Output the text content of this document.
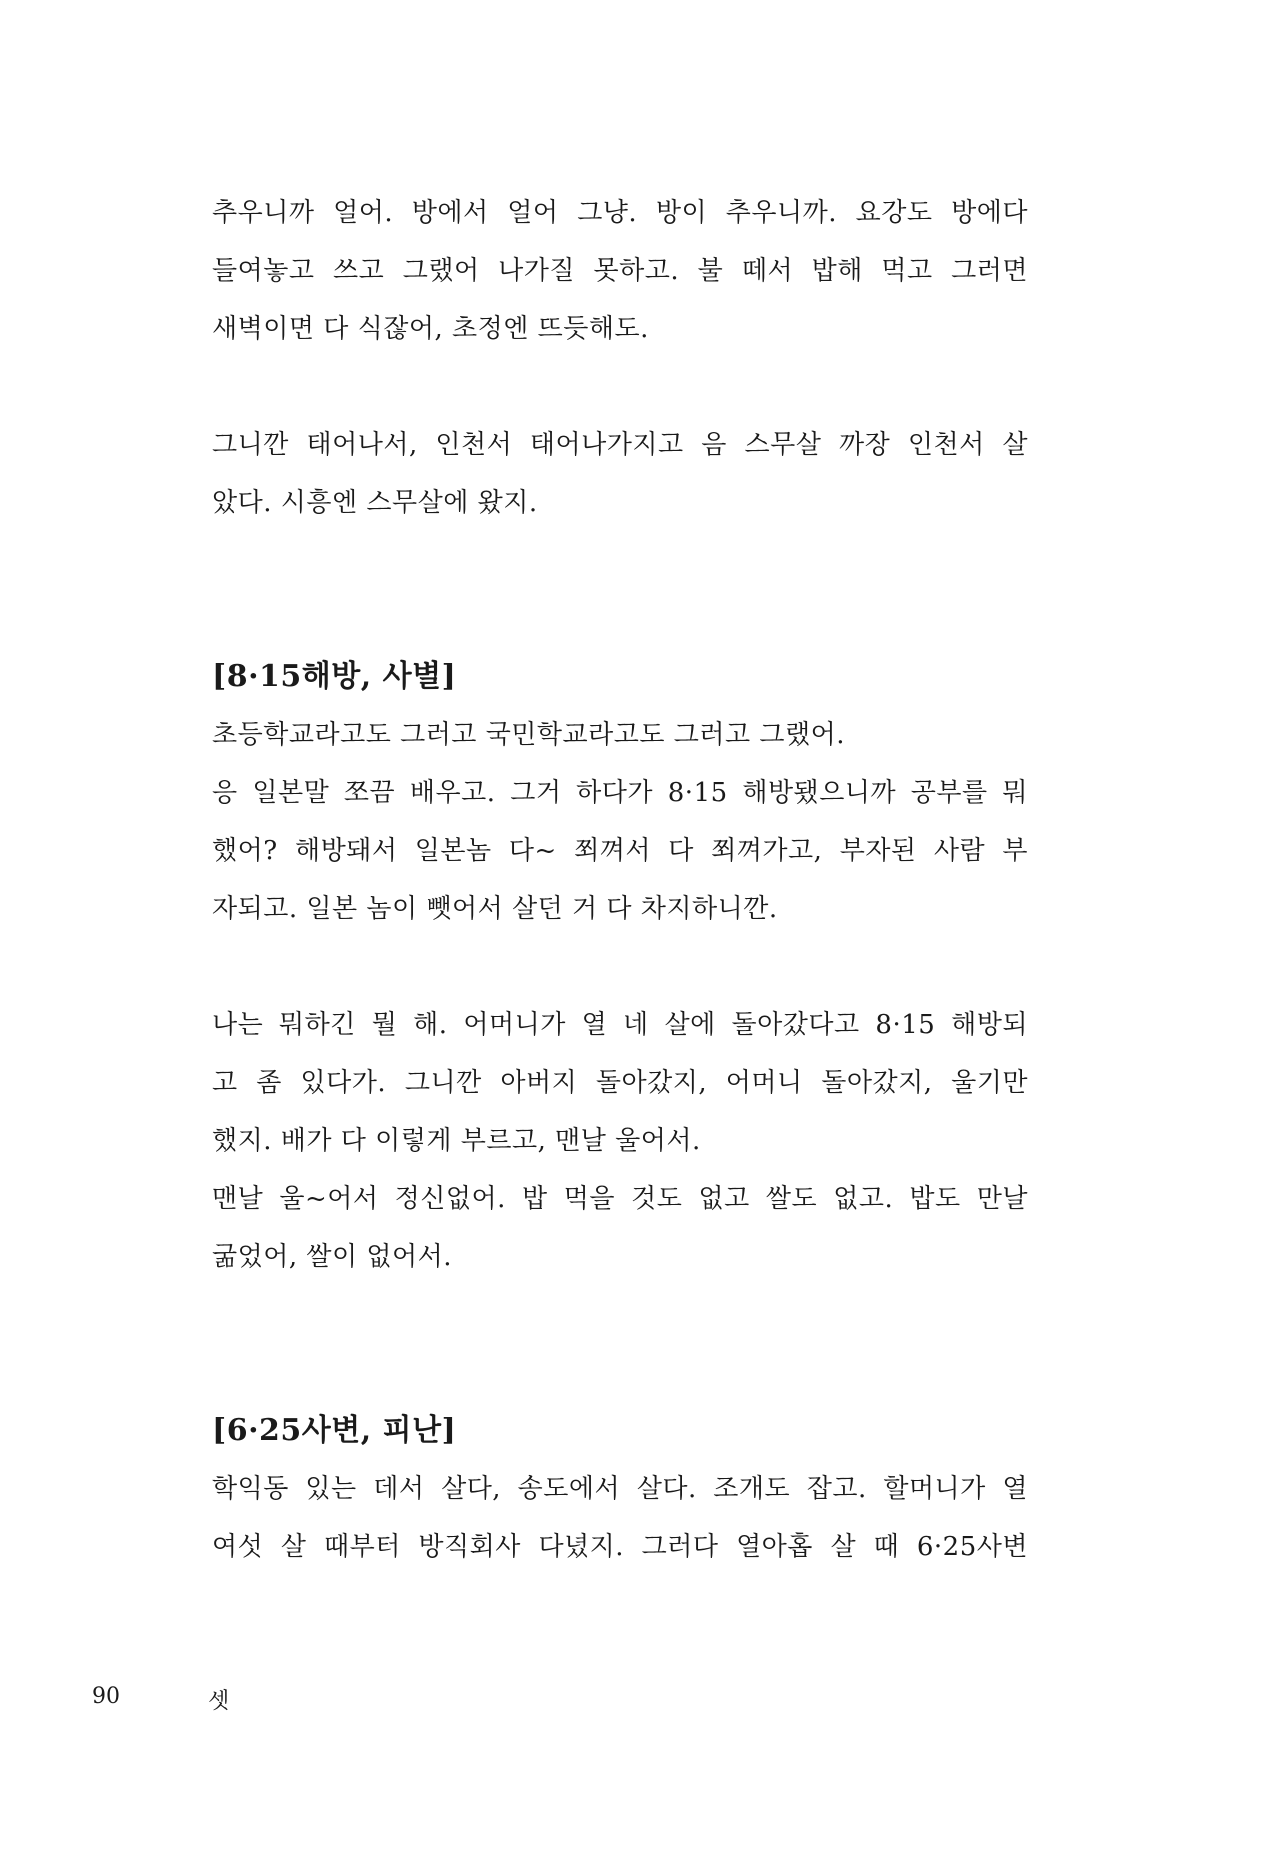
추우니까 얼어. 방에서 얼어 그냥. 방이 추우니까. 요강도 방에다
들여놓고 쓰고 그랬어 나가질 못하고. 불 떼서 밥해 먹고 그러면
새벽이면 다 식잖어, 초정엔 뜨듯해도.

그니깐 태어나서, 인천서 태어나가지고 음 스무살 까장 인천서 살
았다. 시흥엔 스무살에 왔지.

[8·15해방, 사별]

초등학교라고도 그러고 국민학교라고도 그러고 그랬어.

응 일본말 쪼끔 배우고. 그거 하다가 8·15 해방됐으니까 공부를 뭐
했어? 해방돼서 일본놈 다~ 쬐껴서 다 쬐껴가고, 부자된 사람 부
자되고. 일본 놈이 뺏어서 살던 거 다 차지하니깐.

나는 뭐하긴 뭘 해. 어머니가 열 네 살에 돌아갔다고 8·15 해방되
고 좀 있다가. 그니깐 아버지 돌아갔지, 어머니 돌아갔지, 울기만
했지. 배가 다 이렇게 부르고, 맨날 울어서.

맨날 울~어서 정신없어. 밥 먹을 것도 없고 쌀도 없고. 밥도 만날
굶었어, 쌀이 없어서.

[6·25사변, 피난]

학익동 있는 데서 살다, 송도에서 살다. 조개도 잡고. 할머니가 열
여섯 살 때부터 방직회사 다녔지. 그러다 열아홉 살 때 6·25사변

90	셋
